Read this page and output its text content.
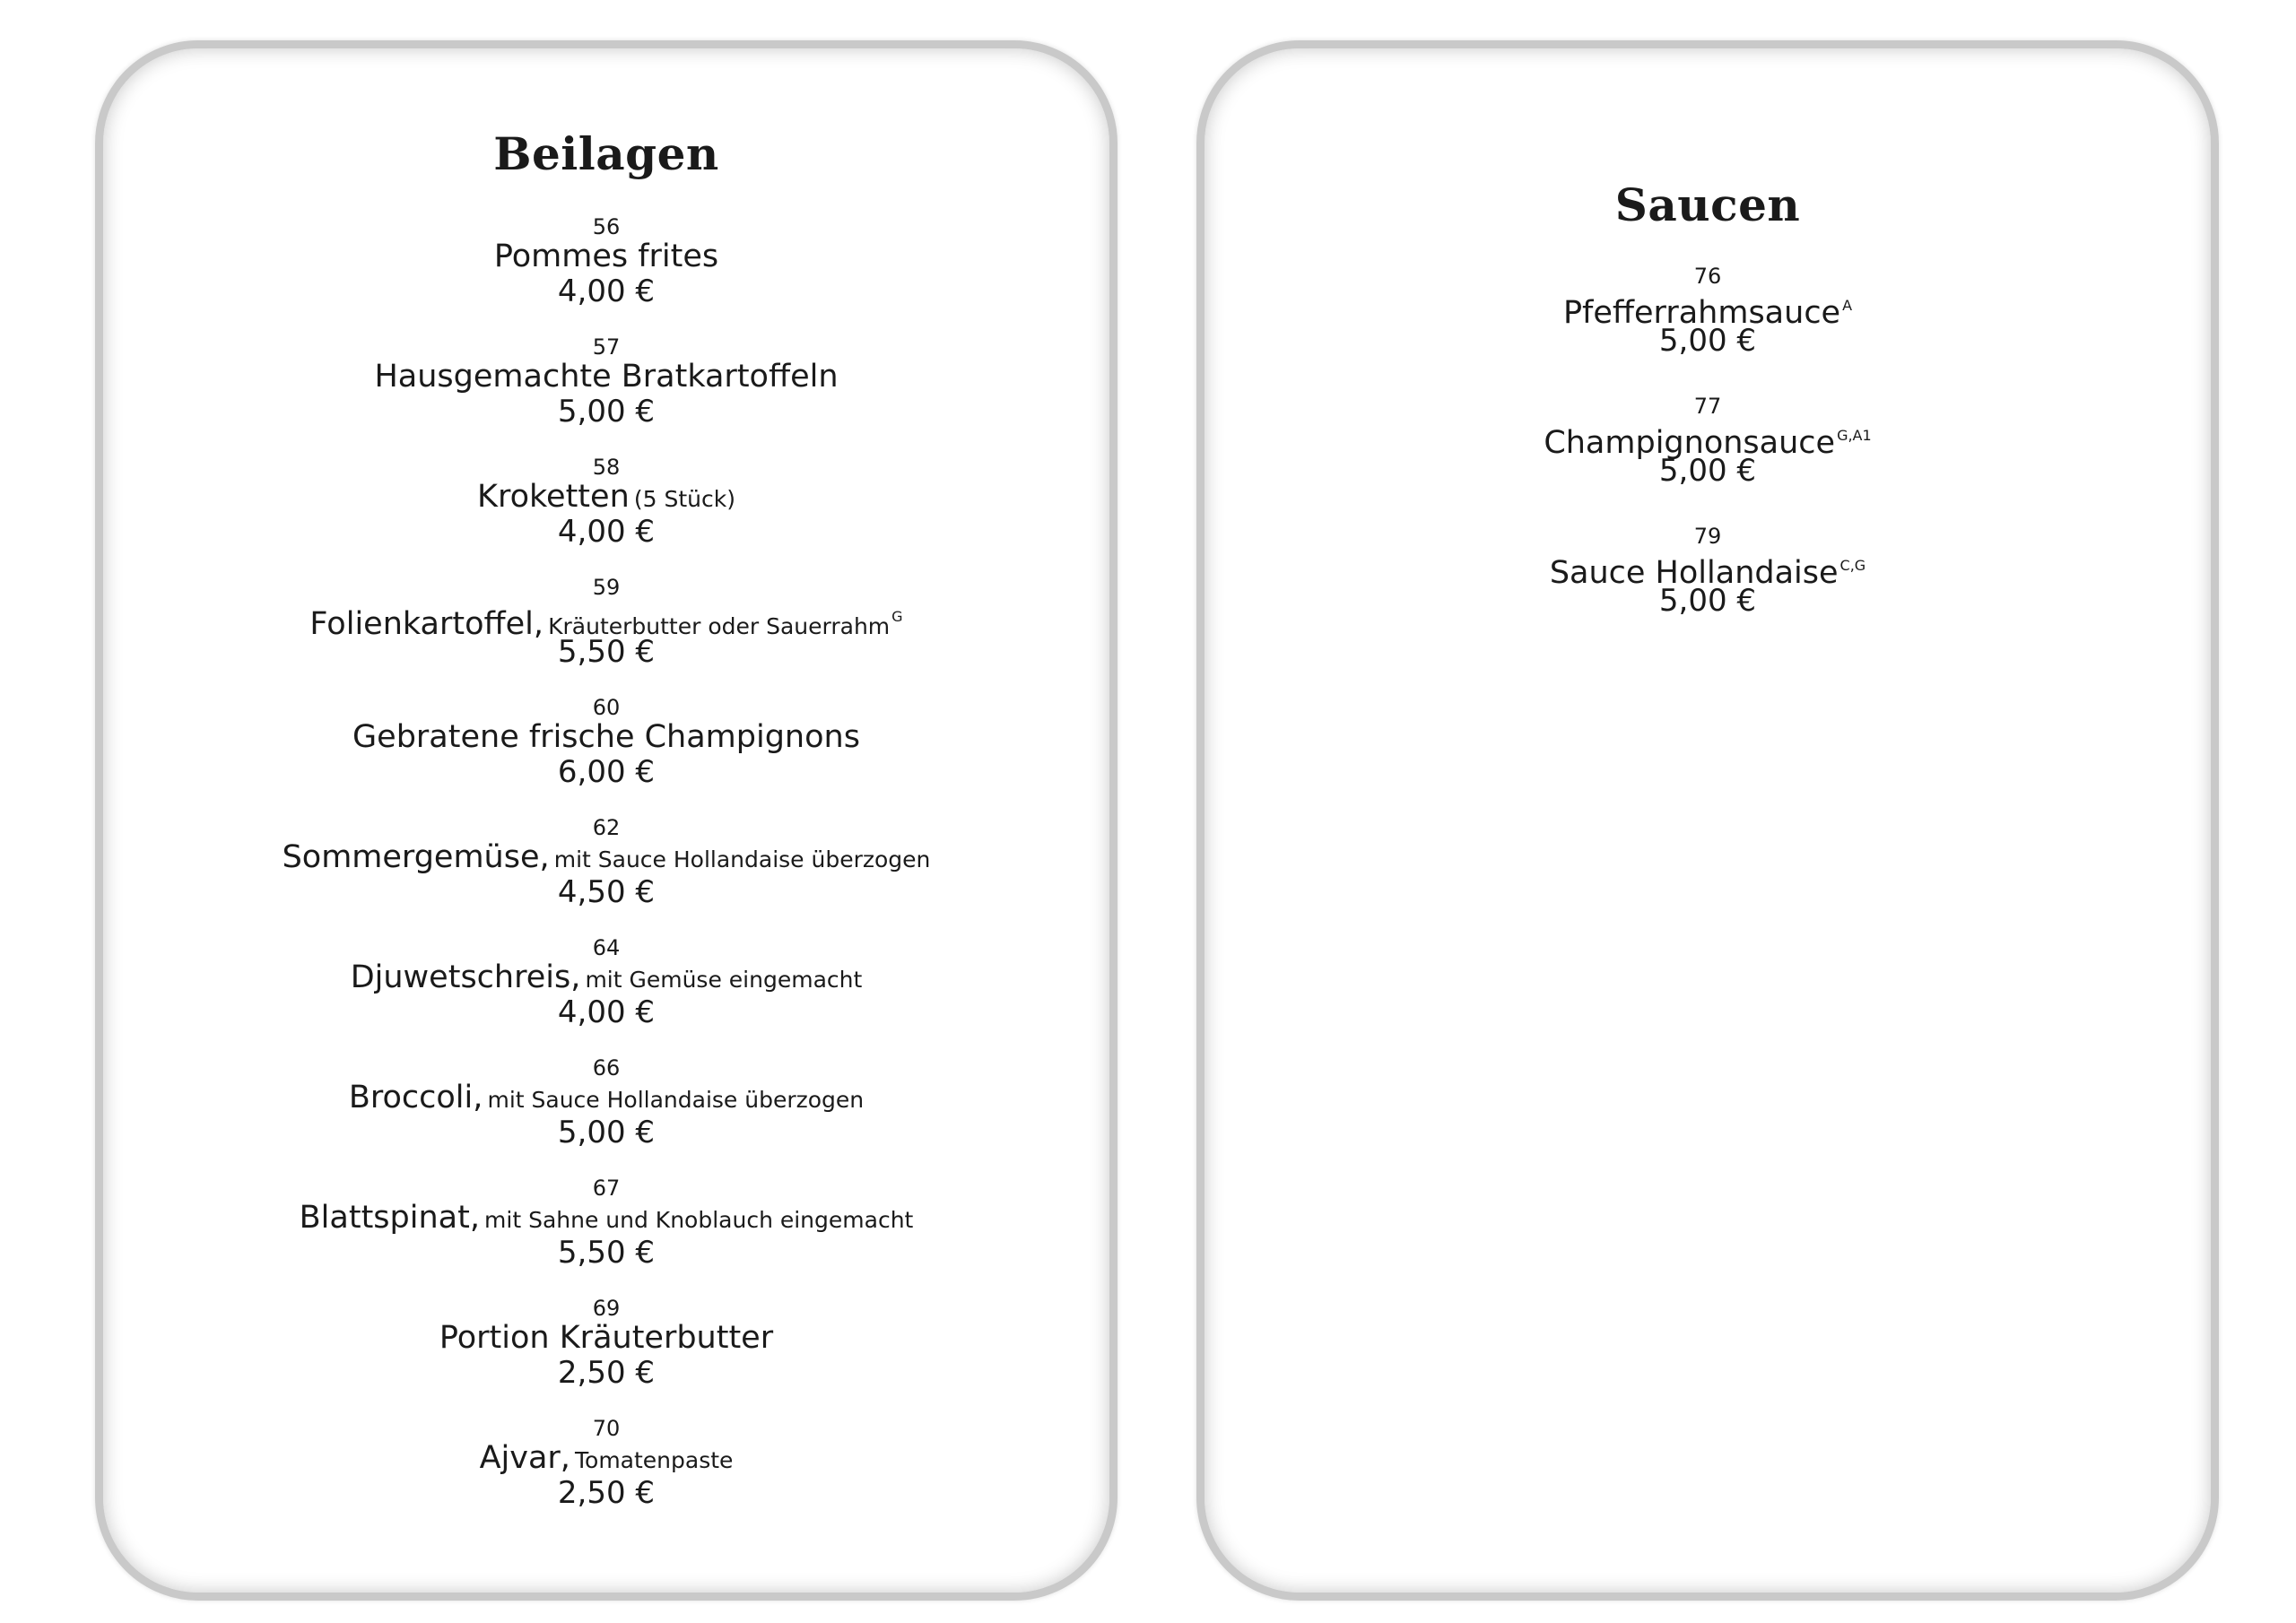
Beilagen
56
Pommes frites
4,00 €
57
Hausgemachte Bratkartoffeln
5,00 €
58
Kroketten (5 Stück)
4,00 €
59
Folienkartoffel, Kräuterbutter oder Sauerrahm G
5,50 €
60
Gebratene frische Champignons
6,00 €
62
Sommergemüse, mit Sauce Hollandaise überzogen
4,50 €
64
Djuwetschreis, mit Gemüse eingemacht
4,00 €
66
Broccoli, mit Sauce Hollandaise überzogen
5,00 €
67
Blattspinat, mit Sahne und Knoblauch eingemacht
5,50 €
69
Portion Kräuterbutter
2,50 €
70
Ajvar, Tomatenpaste
2,50 €
Saucen
76
Pfefferrahmsauce A
5,00 €
77
Champignonsauce G,A1
5,00 €
79
Sauce Hollandaise C,G
5,00 €
